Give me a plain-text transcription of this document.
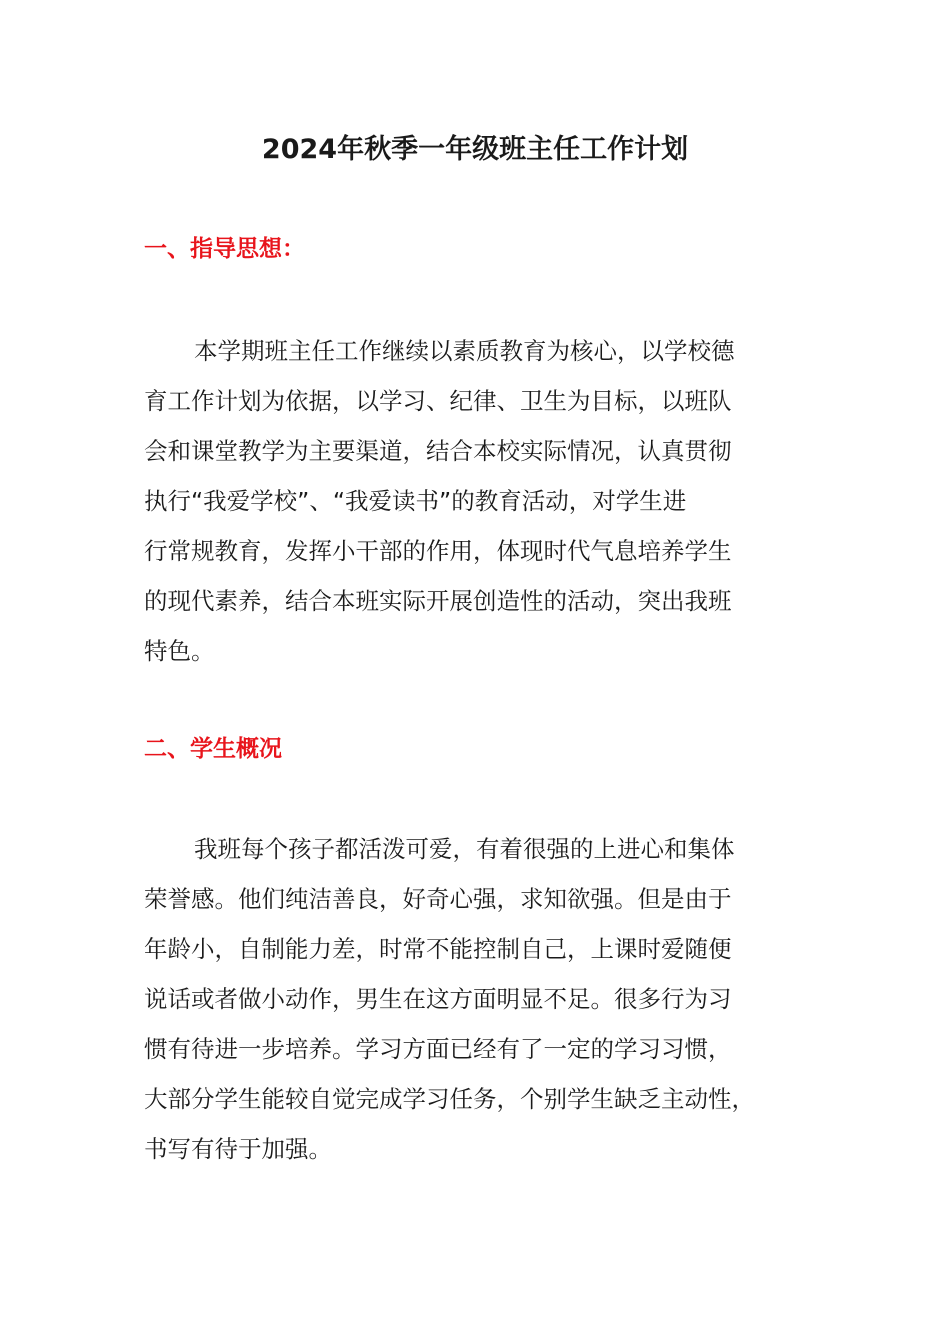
2024年秋季一年级班主任工作计划
一、指导思想：
本学期班主任工作继续以素质教育为核心，以学校德
育工作计划为依据，以学习、纪律、卫生为目标，以班队
会和课堂教学为主要渠道，结合本校实际情况，认真贯彻
执行“我爱学校”、“我爱读书”的教育活动，对学生进
行常规教育，发挥小干部的作用，体现时代气息培养学生
的现代素养，结合本班实际开展创造性的活动，突出我班
特色。
二、学生概况
我班每个孩子都活泼可爱，有着很强的上进心和集体
荣誉感。他们纯洁善良，好奇心强，求知欲强。但是由于
年龄小，自制能力差，时常不能控制自己，上课时爱随便
说话或者做小动作，男生在这方面明显不足。很多行为习
惯有待进一步培养。学习方面已经有了一定的学习习惯，
大部分学生能较自觉完成学习任务，个别学生缺乏主动性，
书写有待于加强。
